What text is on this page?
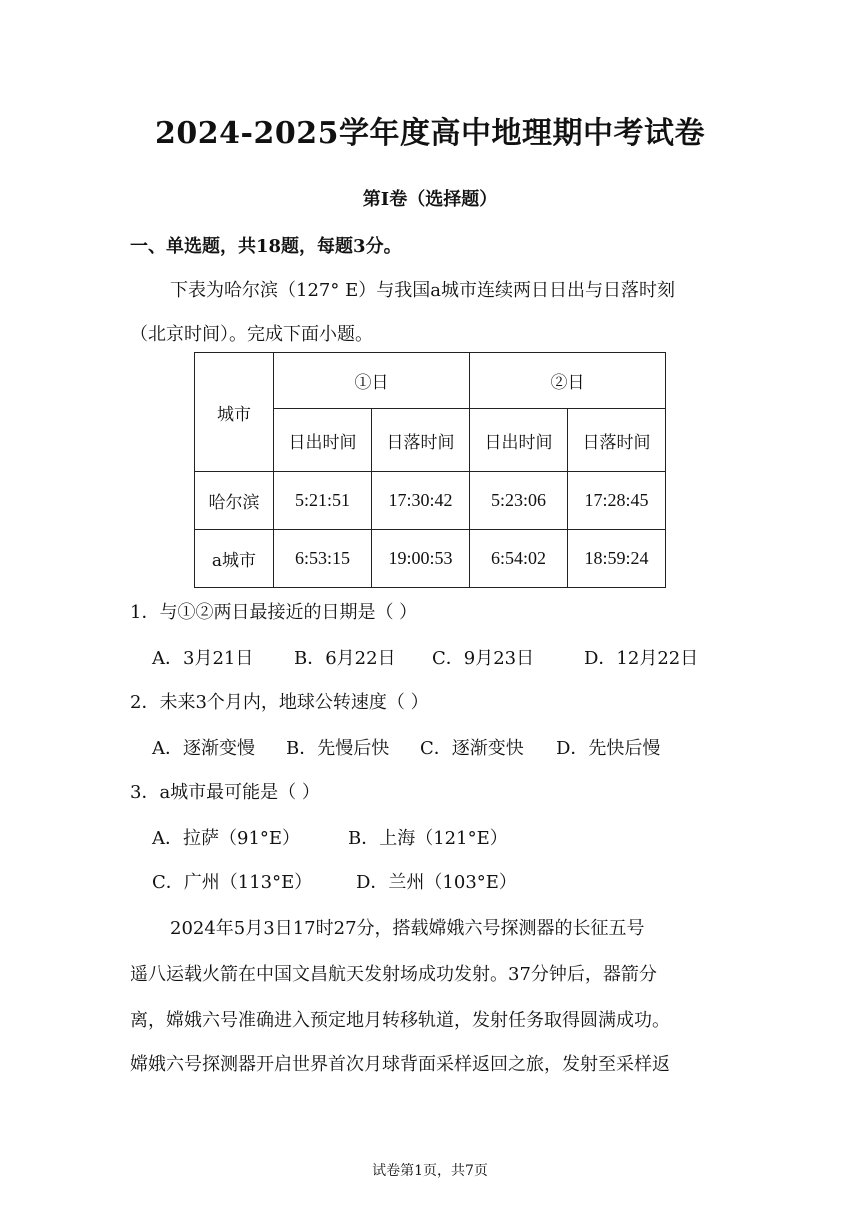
2024-2025学年度高中地理期中考试卷
第I卷（选择题）
一、单选题，共18题，每题3分。
下表为哈尔滨（127° E）与我国a城市连续两日日出与日落时刻
（北京时间）。完成下面小题。
城市	①日		②日	
	日出时间	日落时间	日出时间	日落时间
哈尔滨	5:21:51	17:30:42	5:23:06	17:28:45
a城市	6:53:15	19:00:53	6:54:02	18:59:24
1．与①②两日最接近的日期是（ ）
A．3月21日 B．6月22日 C．9月23日	D．12月22日
2．未来3个月内，地球公转速度（ ）
A．逐渐变慢 B．先慢后快 C．逐渐变快 D．先快后慢
3．a城市最可能是（ ）
A．拉萨（91°E）	B．上海（121°E）
C．广州（113°E） D．兰州（103°E）
2024年5月3日17时27分，搭载嫦娥六号探测器的长征五号
遥八运载火箭在中国文昌航天发射场成功发射。37分钟后，器箭分
离，嫦娥六号准确进入预定地月转移轨道，发射任务取得圆满成功。
嫦娥六号探测器开启世界首次月球背面采样返回之旅，发射至采样返
试卷第1页，共7页
